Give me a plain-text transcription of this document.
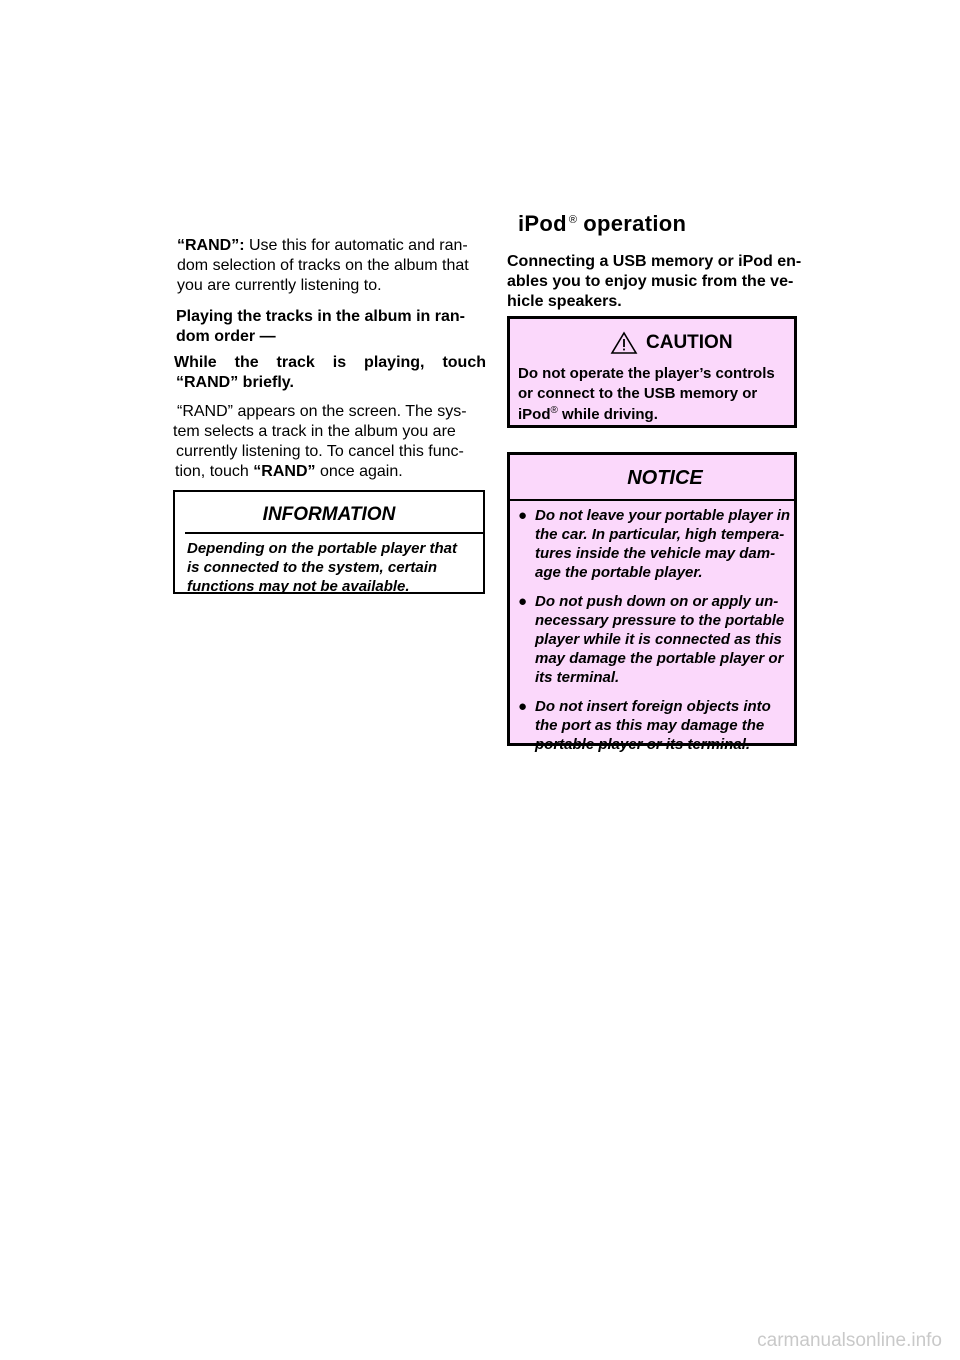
“RAND”: Use this for automatic and ran-

dom selection of tracks on the album that

you are currently listening to.

Playing the tracks in the album in ran-

dom order —

While the track is playing, touch

“RAND” briefly.

“RAND” appears on the screen. The sys-

tem selects a track in the album you are

currently listening to. To cancel this func-

tion, touch “RAND” once again.

INFORMATION

Depending on the portable player that

is connected to the system, certain

functions may not be available.

iPod ® operation

Connecting a USB memory or iPod en-

ables you to enjoy music from the ve-

hicle speakers.

CAUTION

Do not operate the player’s controls

or connect to the USB memory or

iPod® while driving.

NOTICE

● Do not leave your portable player in

the car. In particular, high tempera-

tures inside the vehicle may dam-

age the portable player.

● Do not push down on or apply un-

necessary pressure to the portable

player while it is connected as this

may damage the portable player or

its terminal.

● Do not insert foreign objects into

the port as this may damage the

portable player or its terminal.

carmanualsonline.info
